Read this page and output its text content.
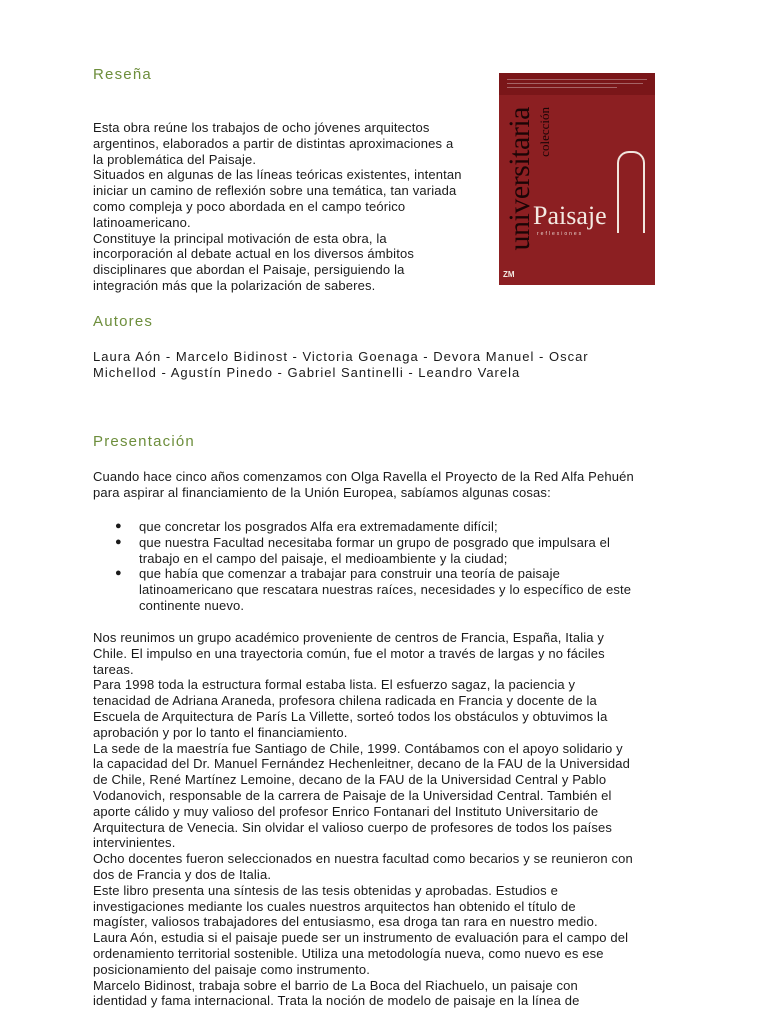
Reseña
Esta obra reúne los trabajos de ocho jóvenes arquitectos
argentinos, elaborados a partir de distintas aproximaciones a
la problemática del Paisaje.
Situados en algunas de las líneas teóricas existentes, intentan
iniciar un camino de reflexión sobre una temática, tan variada
como compleja y poco abordada en el campo teórico
latinoamericano.
Constituye la principal motivación de esta obra, la
incorporación al debate actual en los diversos ámbitos
disciplinares que abordan el Paisaje, persiguiendo la
integración más que la polarización de saberes.
universitaria colección
Paisaje
reflexiones
ZM
Autores
Laura Aón - Marcelo Bidinost - Victoria Goenaga - Devora Manuel - Oscar
Michellod - Agustín Pinedo - Gabriel Santinelli - Leandro Varela
Presentación
Cuando hace cinco años comenzamos con Olga Ravella el Proyecto de la Red Alfa Pehuén
para aspirar al financiamiento de la Unión Europea, sabíamos algunas cosas:
● que concretar los posgrados Alfa era extremadamente difícil;
● que nuestra Facultad necesitaba formar un grupo de posgrado que impulsara el
trabajo en el campo del paisaje, el medioambiente y la ciudad;
● que había que comenzar a trabajar para construir una teoría de paisaje
latinoamericano que rescatara nuestras raíces, necesidades y lo específico de este
continente nuevo.
Nos reunimos un grupo académico proveniente de centros de Francia, España, Italia y
Chile. El impulso en una trayectoria común, fue el motor a través de largas y no fáciles
tareas.
Para 1998 toda la estructura formal estaba lista. El esfuerzo sagaz, la paciencia y
tenacidad de Adriana Araneda, profesora chilena radicada en Francia y docente de la
Escuela de Arquitectura de París La Villette, sorteó todos los obstáculos y obtuvimos la
aprobación y por lo tanto el financiamiento.
La sede de la maestría fue Santiago de Chile, 1999. Contábamos con el apoyo solidario y
la capacidad del Dr. Manuel Fernández Hechenleitner, decano de la FAU de la Universidad
de Chile, René Martínez Lemoine, decano de la FAU de la Universidad Central y Pablo
Vodanovich, responsable de la carrera de Paisaje de la Universidad Central. También el
aporte cálido y muy valioso del profesor Enrico Fontanari del Instituto Universitario de
Arquitectura de Venecia. Sin olvidar el valioso cuerpo de profesores de todos los países
intervinientes.
Ocho docentes fueron seleccionados en nuestra facultad como becarios y se reunieron con
dos de Francia y dos de Italia.
Este libro presenta una síntesis de las tesis obtenidas y aprobadas. Estudios e
investigaciones mediante los cuales nuestros arquitectos han obtenido el título de
magíster, valiosos trabajadores del entusiasmo, esa droga tan rara en nuestro medio.
Laura Aón, estudia si el paisaje puede ser un instrumento de evaluación para el campo del
ordenamiento territorial sostenible. Utiliza una metodología nueva, como nuevo es ese
posicionamiento del paisaje como instrumento.
Marcelo Bidinost, trabaja sobre el barrio de La Boca del Riachuelo, un paisaje con
identidad y fama internacional. Trata la noción de modelo de paisaje en la línea de
